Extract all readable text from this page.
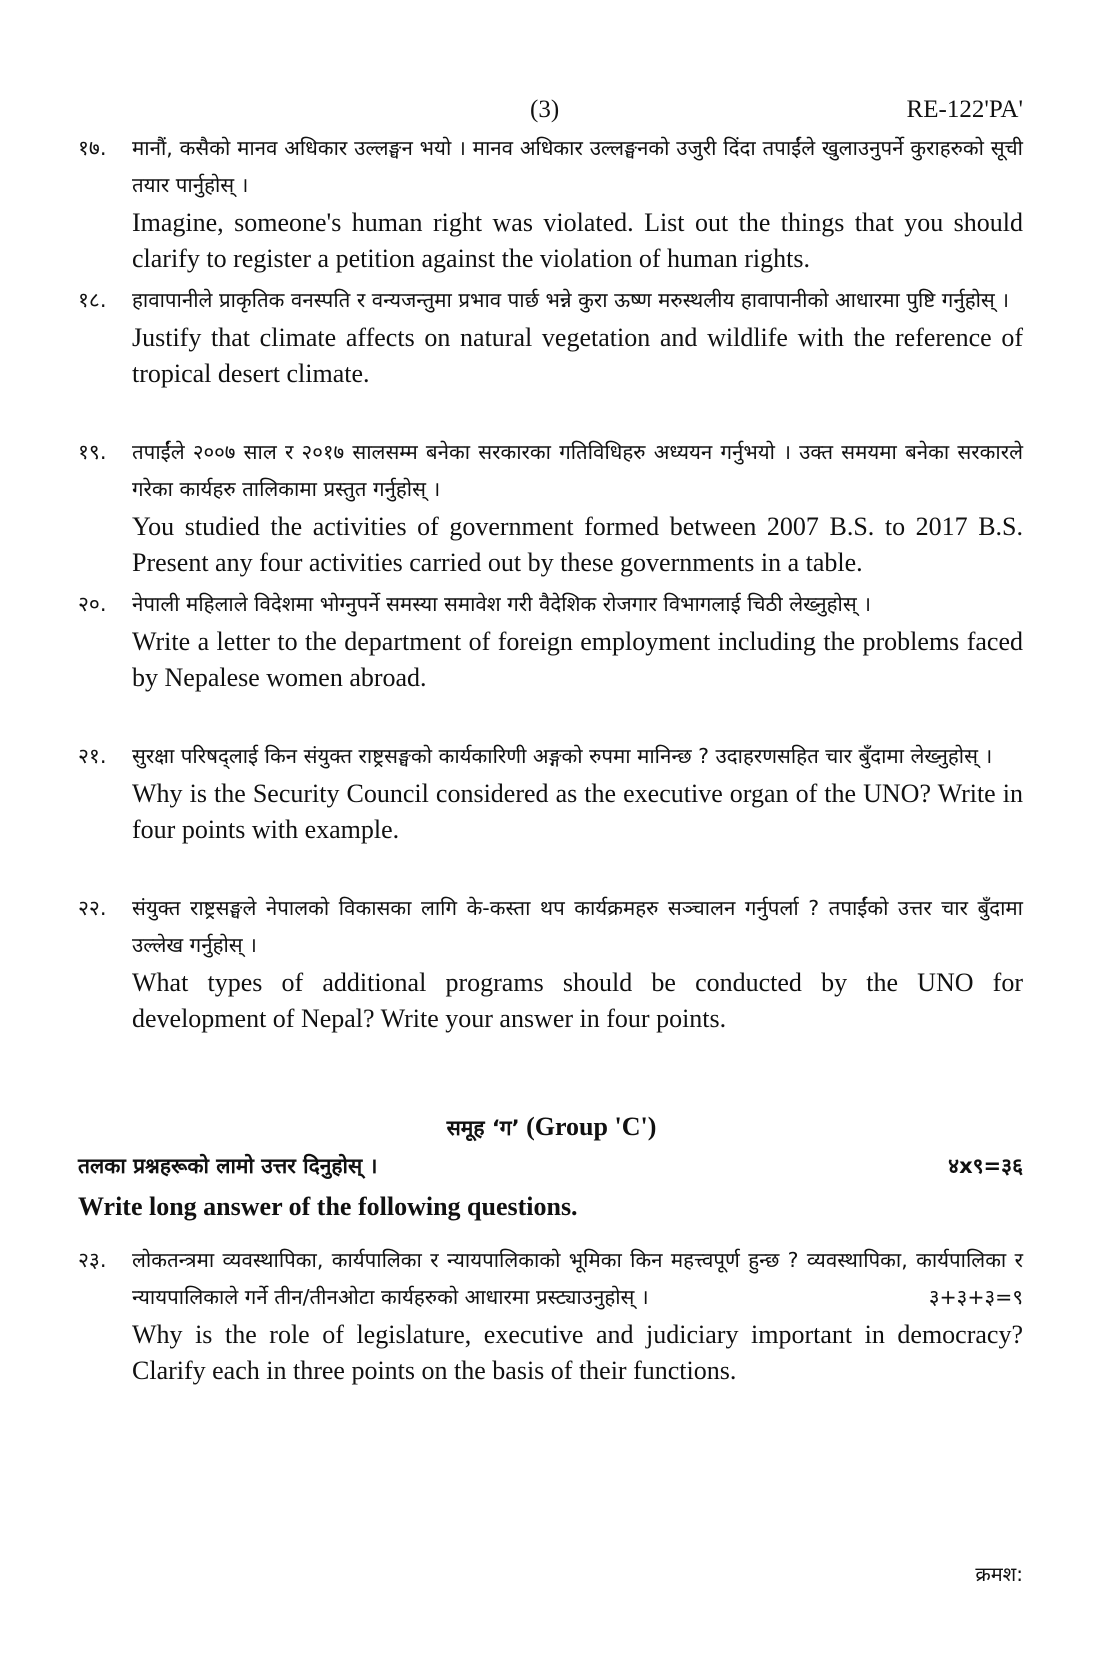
(3)	RE-122'PA'
१७. मानौं, कसैको मानव अधिकार उल्लङ्घन भयो । मानव अधिकार उल्लङ्घनको उजुरी दिंदा तपाईंले खुलाउनुपर्ने कुराहरुको सूची तयार पार्नुहोस् ।
Imagine, someone's human right was violated. List out the things that you should clarify to register a petition against the violation of human rights.
१८. हावापानीले प्राकृतिक वनस्पति र वन्यजन्तुमा प्रभाव पार्छ भन्ने कुरा ऊष्ण मरुस्थलीय हावापानीको आधारमा पुष्टि गर्नुहोस् ।
Justify that climate affects on natural vegetation and wildlife with the reference of tropical desert climate.
१९. तपाईंले २००७ साल र २०१७ सालसम्म बनेका सरकारका गतिविधिहरु अध्ययन गर्नुभयो । उक्त समयमा बनेका सरकारले गरेका कार्यहरु तालिकामा प्रस्तुत गर्नुहोस् ।
You studied the activities of government formed between 2007 B.S. to 2017 B.S. Present any four activities carried out by these governments in a table.
२०. नेपाली महिलाले विदेशमा भोग्नुपर्ने समस्या समावेश गरी वैदेशिक रोजगार विभागलाई चिठी लेख्नुहोस् ।
Write a letter to the department of foreign employment including the problems faced by Nepalese women abroad.
२१. सुरक्षा परिषद्लाई किन संयुक्त राष्ट्रसङ्घको कार्यकारिणी अङ्गको रुपमा मानिन्छ ? उदाहरणसहित चार बुँदामा लेख्नुहोस् ।
Why is the Security Council considered as the executive organ of the UNO? Write in four points with example.
२२. संयुक्त राष्ट्रसङ्घले नेपालको विकासका लागि के-कस्ता थप कार्यक्रमहरु सञ्चालन गर्नुपर्ला ? तपाईंको उत्तर चार बुँदामा उल्लेख गर्नुहोस् ।
What types of additional programs should be conducted by the UNO for development of Nepal? Write your answer in four points.
समूह ‘ग’ (Group 'C')
तलका प्रश्नहरूको लामो उत्तर दिनुहोस् ।	४x९=३६
Write long answer of the following questions.
२३. लोकतन्त्रमा व्यवस्थापिका, कार्यपालिका र न्यायपालिकाको भूमिका किन महत्त्वपूर्ण हुन्छ ? व्यवस्थापिका, कार्यपालिका र न्यायपालिकाले गर्ने तीन/तीनओटा कार्यहरुको आधारमा प्रस्ट्याउनुहोस् ।	३+३+३=९
Why is the role of legislature, executive and judiciary important in democracy? Clarify each in three points on the basis of their functions.
क्रमश:
